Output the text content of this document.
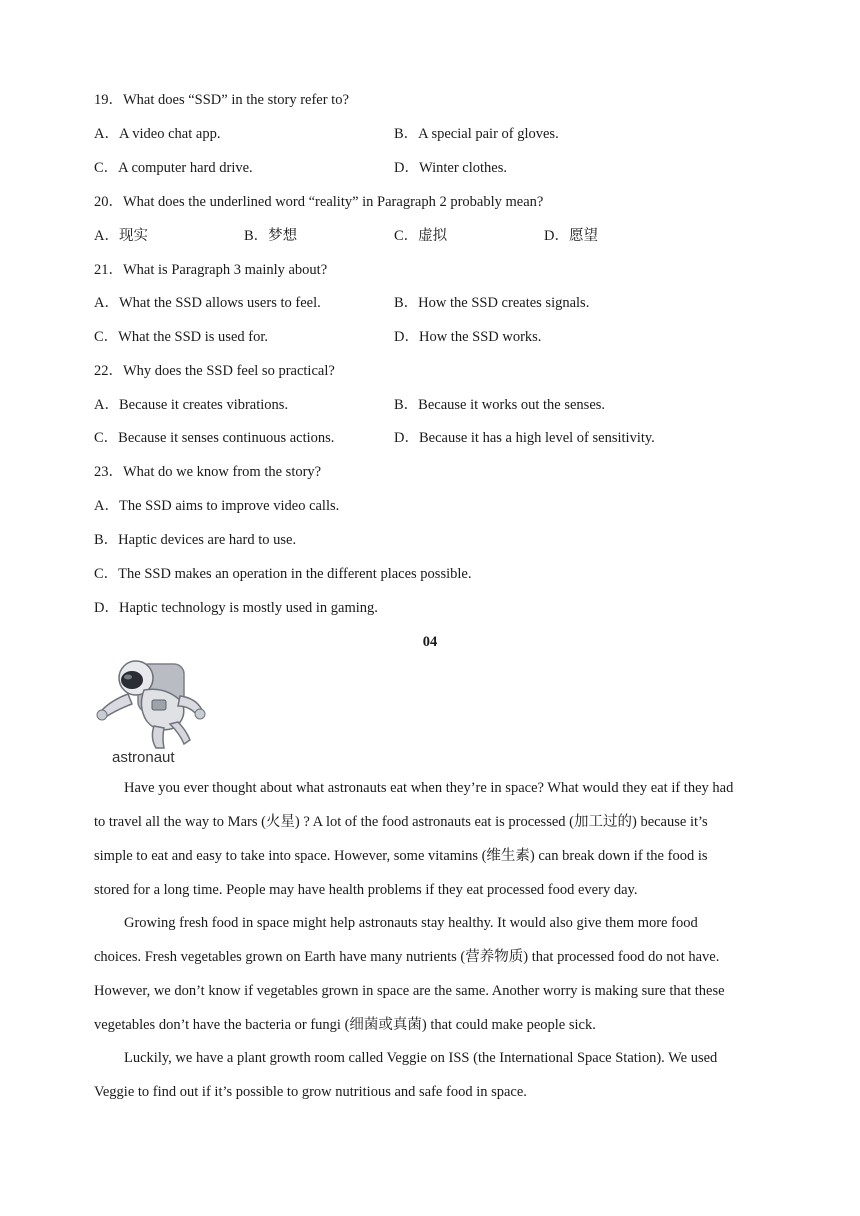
19．What does “SSD” in the story refer to?
A．A video chat app.	B．A special pair of gloves.
C．A computer hard drive.	D．Winter clothes.
20．What does the underlined word “reality” in Paragraph 2 probably mean?
A．现实	B．梦想	C．虚拟	D．愿望
21．What is Paragraph 3 mainly about?
A．What the SSD allows users to feel.	B．How the SSD creates signals.
C．What the SSD is used for.	D．How the SSD works.
22．Why does the SSD feel so practical?
A．Because it creates vibrations.	B．Because it works out the senses.
C．Because it senses continuous actions.	D．Because it has a high level of sensitivity.
23．What do we know from the story?
A．The SSD aims to improve video calls.
B．Haptic devices are hard to use.
C．The SSD makes an operation in the different places possible.
D．Haptic technology is mostly used in gaming.
04
astronaut
Have you ever thought about what astronauts eat when they’re in space? What would they eat if they had
to travel all the way to Mars (火星) ? A lot of the food astronauts eat is processed (加工过的) because it’s
simple to eat and easy to take into space. However, some vitamins (维生素) can break down if the food is
stored for a long time. People may have health problems if they eat processed food every day.
Growing fresh food in space might help astronauts stay healthy. It would also give them more food
choices. Fresh vegetables grown on Earth have many nutrients (营养物质) that processed food do not have.
However, we don’t know if vegetables grown in space are the same. Another worry is making sure that these
vegetables don’t have the bacteria or fungi (细菌或真菌) that could make people sick.
Luckily, we have a plant growth room called Veggie on ISS (the International Space Station). We used
Veggie to find out if it’s possible to grow nutritious and safe food in space.
